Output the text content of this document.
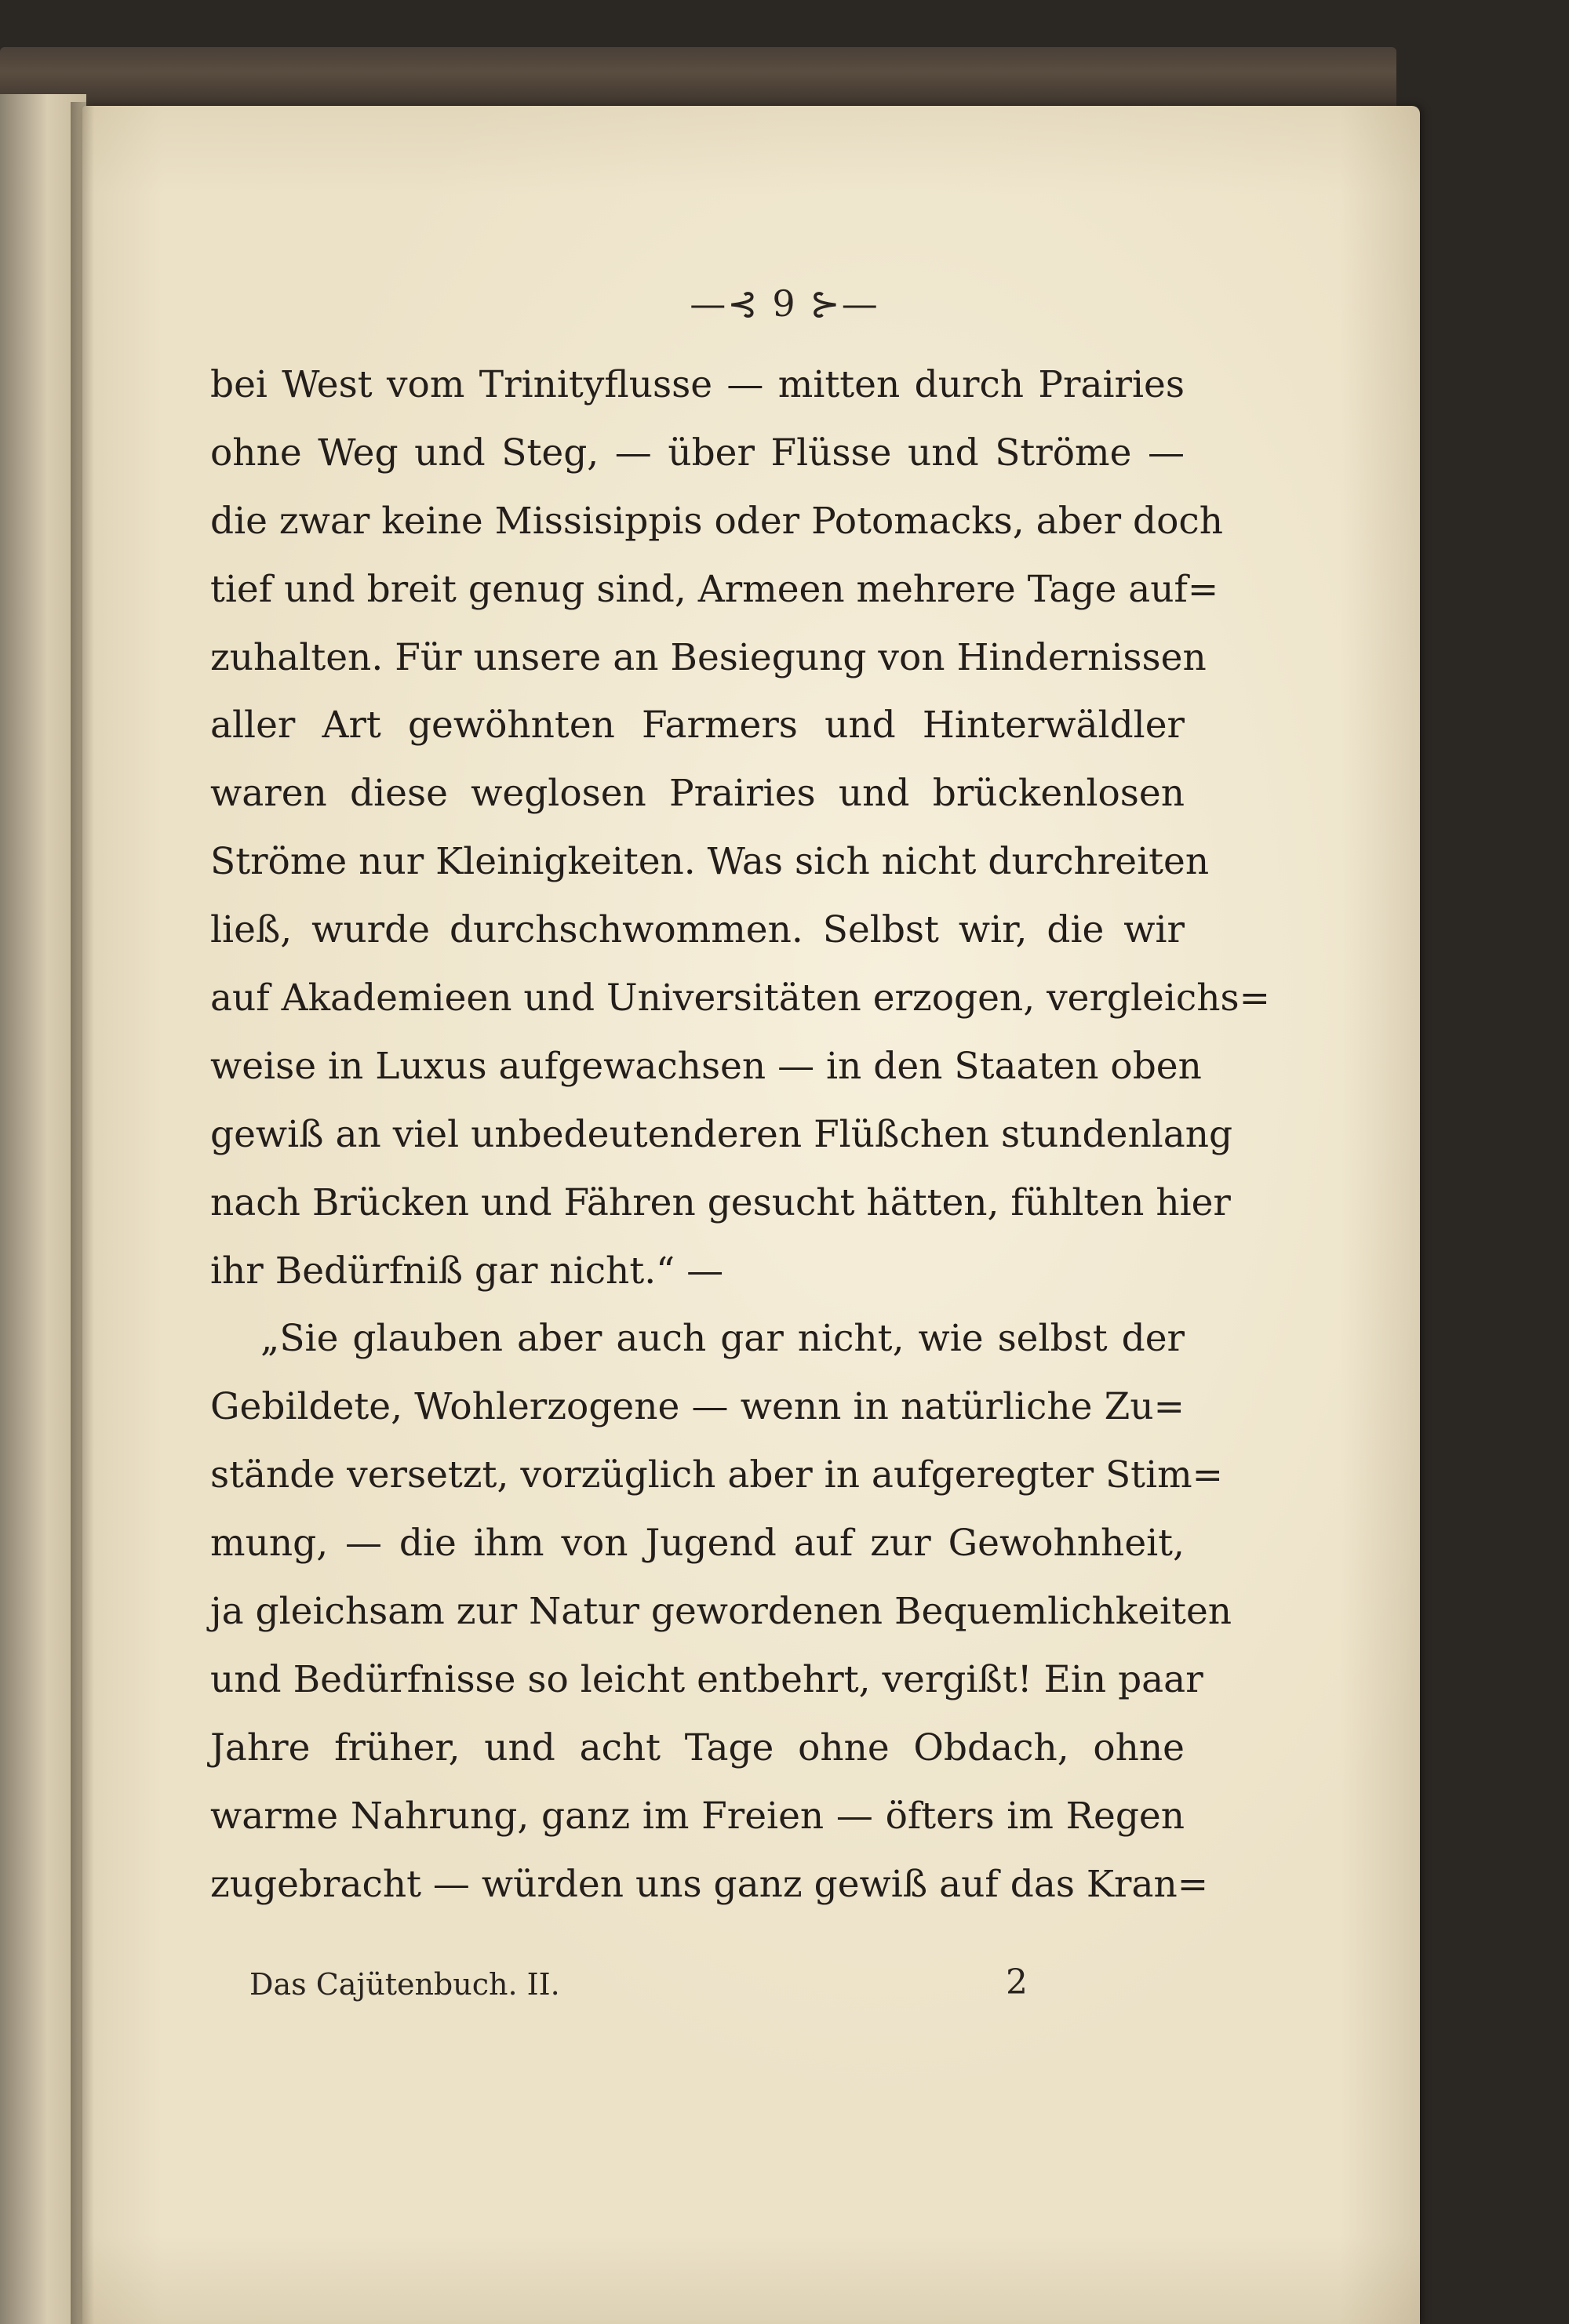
—⊰ 9 ⊱—
bei West vom Trinityflusse — mitten durch Prairies
ohne Weg und Steg, — über Flüsse und Ströme —
die zwar keine Missisippis oder Potomacks, aber doch
tief und breit genug sind, Armeen mehrere Tage auf=
zuhalten. Für unsere an Besiegung von Hindernissen
aller Art gewöhnten Farmers und Hinterwäldler
waren diese weglosen Prairies und brückenlosen
Ströme nur Kleinigkeiten. Was sich nicht durchreiten
ließ, wurde durchschwommen. Selbst wir, die wir
auf Akademieen und Universitäten erzogen, vergleichs=
weise in Luxus aufgewachsen — in den Staaten oben
gewiß an viel unbedeutenderen Flüßchen stundenlang
nach Brücken und Fähren gesucht hätten, fühlten hier
ihr Bedürfniß gar nicht.“ —
„Sie glauben aber auch gar nicht, wie selbst der
Gebildete, Wohlerzogene — wenn in natürliche Zu=
stände versetzt, vorzüglich aber in aufgeregter Stim=
mung, — die ihm von Jugend auf zur Gewohnheit,
ja gleichsam zur Natur gewordenen Bequemlichkeiten
und Bedürfnisse so leicht entbehrt, vergißt! Ein paar
Jahre früher, und acht Tage ohne Obdach, ohne
warme Nahrung, ganz im Freien — öfters im Regen
zugebracht — würden uns ganz gewiß auf das Kran=
Das Cajütenbuch. II.	2
